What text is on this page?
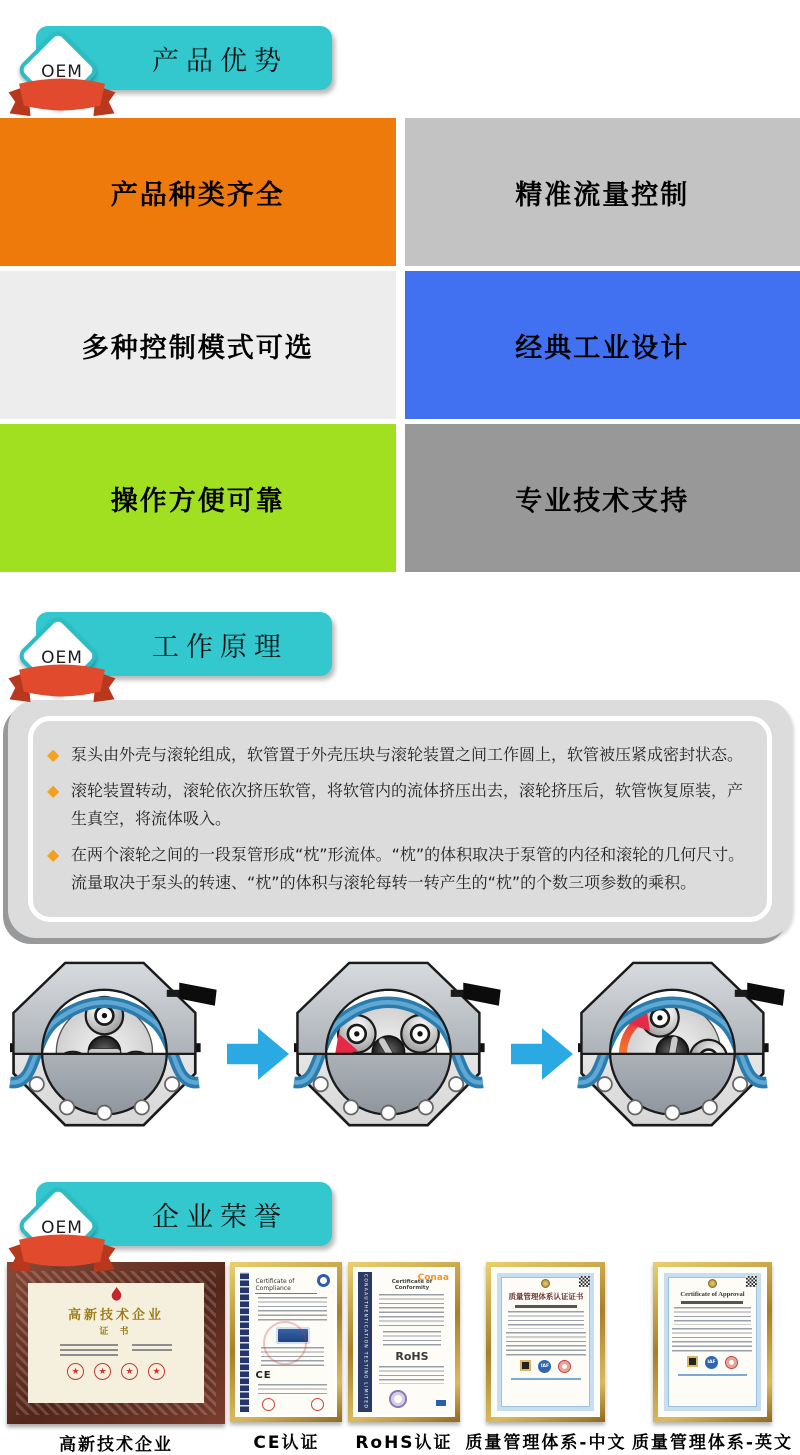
产品优势
OEM
产品种类齐全	精准流量控制
多种控制模式可选	经典工业设计
操作方便可靠	专业技术支持
工作原理
OEM
◆ 泵头由外壳与滚轮组成，软管置于外壳压块与滚轮装置之间工作圆上，软管被压紧成密封状态。
◆ 滚轮装置转动，滚轮依次挤压软管，将软管内的流体挤压出去，滚轮挤压后，软管恢复原装，产生真空，将流体吸入。
◆ 在两个滚轮之间的一段泵管形成“枕”形流体。“枕”的体积取决于泵管的内径和滚轮的几何尺寸。流量取决于泵头的转速、“枕”的体积与滚轮每转一转产生的“枕”的个数三项参数的乘积。
企业荣誉
OEM
高新技术企业
证 书
★	★	★	★
高新技术企业
Certificate of Compliance
CE
CE认证
CONAAUTHENTICATION TESTING LIMITED	Conaa
Certificate of Conformity
RoHS
RoHS认证
质量管理体系认证证书
IAF
质量管理体系-中文
Certificate of Approval
IAF
质量管理体系-英文
